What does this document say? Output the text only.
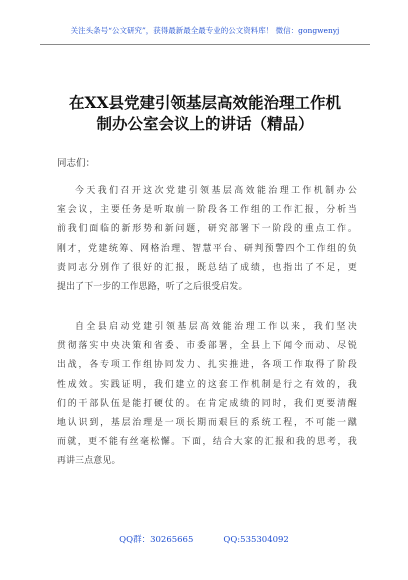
关注头条号“公文研究”，获得最新最全最专业的公文资料库！ 微信：gongwenyj
在XX县党建引领基层高效能治理工作机
制办公室会议上的讲话（精品）
同志们：
今天我们召开这次党建引领基层高效能治理工作机制办公
室会议，主要任务是听取前一阶段各工作组的工作汇报，分析当
前我们面临的新形势和新问题，研究部署下一阶段的重点工作。
刚才，党建统筹、网格治理、智慧平台、研判预警四个工作组的负
责同志分别作了很好的汇报，既总结了成绩，也指出了不足，更
提出了下一步的工作思路，听了之后很受启发。
自全县启动党建引领基层高效能治理工作以来，我们坚决
贯彻落实中央决策和省委、市委部署，全县上下闻令而动、尽锐
出战，各专项工作组协同发力、扎实推进，各项工作取得了阶段
性成效。实践证明，我们建立的这套工作机制是行之有效的，我
们的干部队伍是能打硬仗的。在肯定成绩的同时，我们更要清醒
地认识到，基层治理是一项长期而艰巨的系统工程，不可能一蹴
而就，更不能有丝毫松懈。下面，结合大家的汇报和我的思考，我
再讲三点意见。
QQ群：30265665	QQ:535304092
